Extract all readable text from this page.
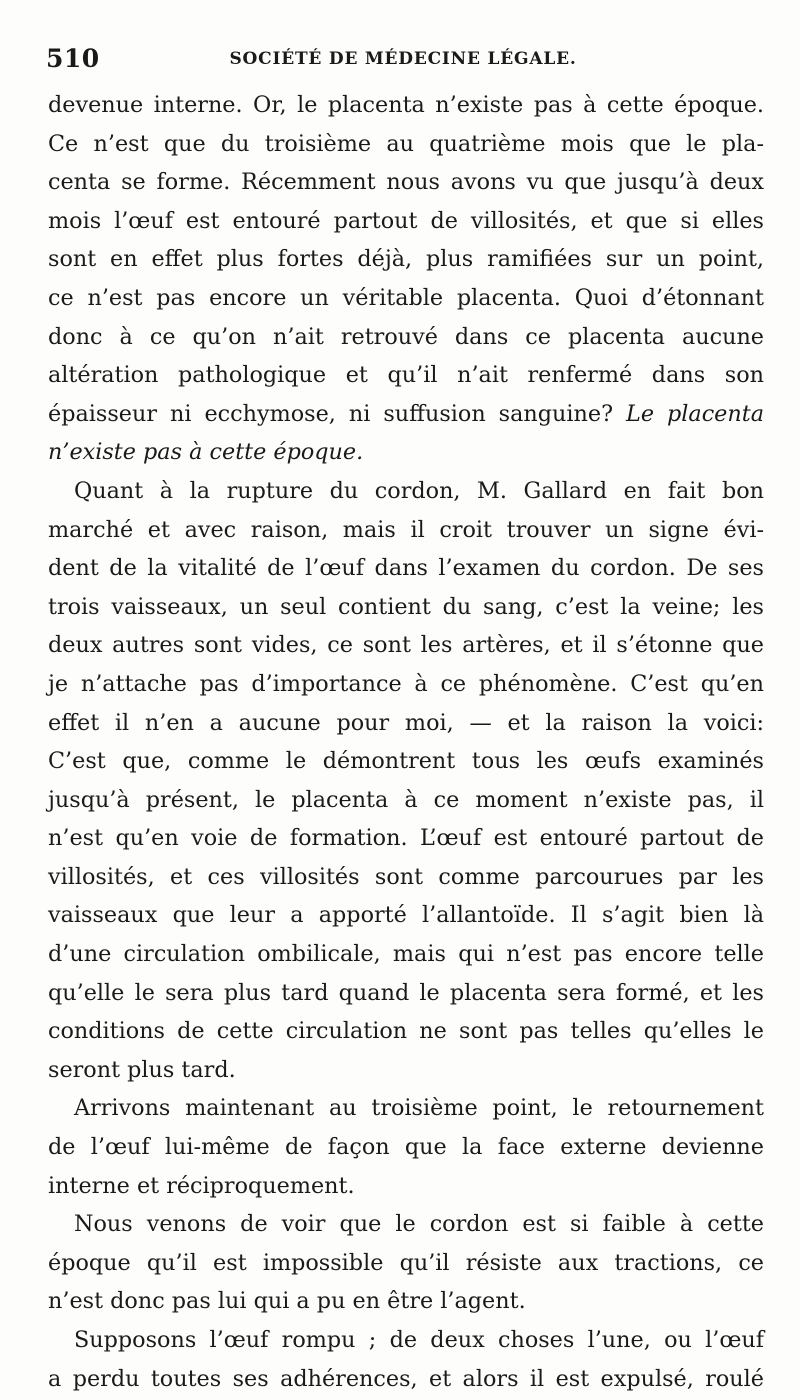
510	SOCIÉTÉ DE MÉDECINE LÉGALE.
devenue interne. Or, le placenta n’existe pas à cette époque.
Ce n’est que du troisième au quatrième mois que le pla-
centa se forme. Récemment nous avons vu que jusqu’à deux
mois l’œuf est entouré partout de villosités, et que si elles
sont en effet plus fortes déjà, plus ramifiées sur un point,
ce n’est pas encore un véritable placenta. Quoi d’étonnant
donc à ce qu’on n’ait retrouvé dans ce placenta aucune
altération pathologique et qu’il n’ait renfermé dans son
épaisseur ni ecchymose, ni suffusion sanguine? Le placenta
n’existe pas à cette époque.
Quant à la rupture du cordon, M. Gallard en fait bon
marché et avec raison, mais il croit trouver un signe évi-
dent de la vitalité de l’œuf dans l’examen du cordon. De ses
trois vaisseaux, un seul contient du sang, c’est la veine; les
deux autres sont vides, ce sont les artères, et il s’étonne que
je n’attache pas d’importance à ce phénomène. C’est qu’en
effet il n’en a aucune pour moi, — et la raison la voici:
C’est que, comme le démontrent tous les œufs examinés
jusqu’à présent, le placenta à ce moment n’existe pas, il
n’est qu’en voie de formation. L’œuf est entouré partout de
villosités, et ces villosités sont comme parcourues par les
vaisseaux que leur a apporté l’allantoïde. Il s’agit bien là
d’une circulation ombilicale, mais qui n’est pas encore telle
qu’elle le sera plus tard quand le placenta sera formé, et les
conditions de cette circulation ne sont pas telles qu’elles le
seront plus tard.
Arrivons maintenant au troisième point, le retournement
de l’œuf lui-même de façon que la face externe devienne
interne et réciproquement.
Nous venons de voir que le cordon est si faible à cette
époque qu’il est impossible qu’il résiste aux tractions, ce
n’est donc pas lui qui a pu en être l’agent.
Supposons l’œuf rompu ; de deux choses l’une, ou l’œuf
a perdu toutes ses adhérences, et alors il est expulsé, roulé
